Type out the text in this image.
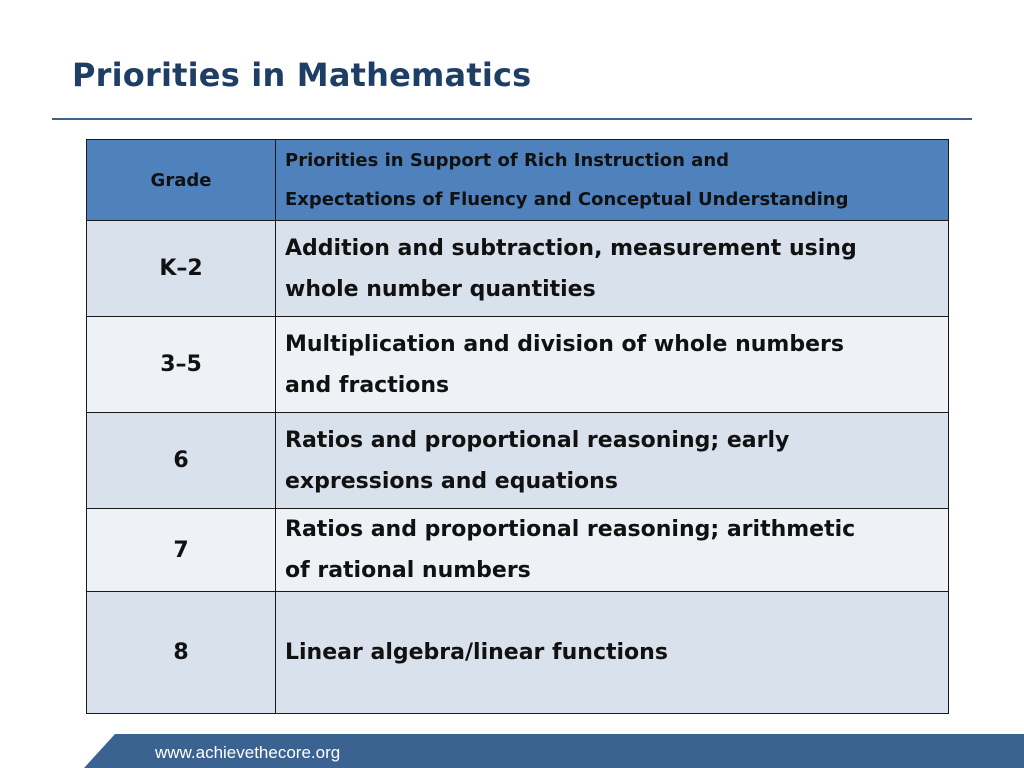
Priorities in Mathematics
Grade	Priorities in Support of Rich Instruction and
Expectations of Fluency and Conceptual Understanding
K–2	Addition and subtraction, measurement using
whole number quantities
3–5	Multiplication and division of whole numbers
and fractions
6	Ratios and proportional reasoning; early
expressions and equations
7	Ratios and proportional reasoning; arithmetic
of rational numbers
8	Linear algebra/linear functions
www.achievethecore.org
